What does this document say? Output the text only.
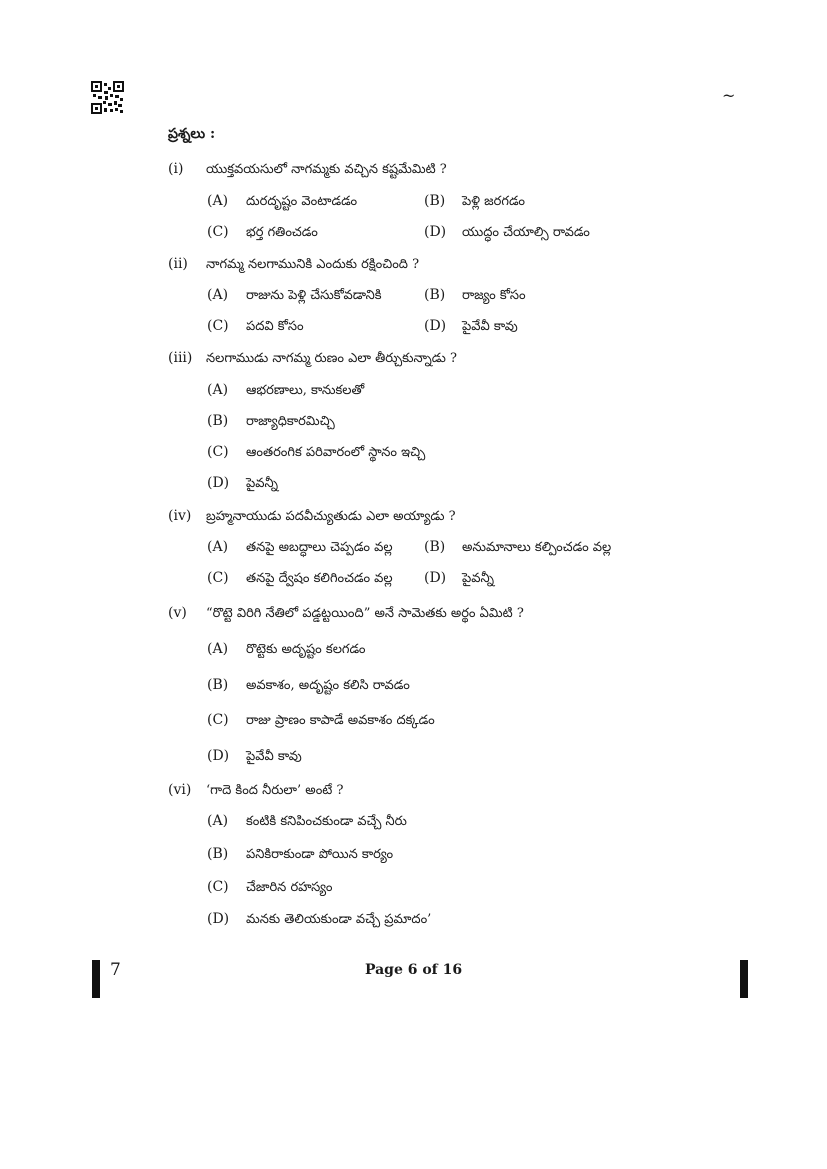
~
ప్రశ్నలు :
(i) యుక్తవయసులో నాగమ్మకు వచ్చిన కష్టమేమిటి ?
(A) దురదృష్టం వెంటాడడం	(B) పెళ్లి జరగడం
(C) భర్త గతించడం	(D) యుద్ధం చేయాల్సి రావడం
(ii) నాగమ్మ నలగామునికి ఎందుకు రక్షించింది ?
(A) రాజును పెళ్లి చేసుకోవడానికి	(B) రాజ్యం కోసం
(C) పదవి కోసం	(D) పైవేవీ కావు
(iii) నలగాముడు నాగమ్మ రుణం ఎలా తీర్చుకున్నాడు ?
(A) ఆభరణాలు, కానుకలతో
(B) రాజ్యాధికారమిచ్చి
(C) ఆంతరంగిక పరివారంలో స్థానం ఇచ్చి
(D) పైవన్నీ
(iv) బ్రహ్మనాయుడు పదవీచ్యుతుడు ఎలా అయ్యాడు ?
(A) తనపై అబద్ధాలు చెప్పడం వల్ల (B) అనుమానాలు కల్పించడం వల్ల
(C) తనపై ద్వేషం కలిగించడం వల్ల (D) పైవన్నీ
(v) “రొట్టె విరిగి నేతిలో పడ్డట్టయింది” అనే సామెతకు అర్థం ఏమిటి ?
(A) రొట్టెకు అదృష్టం కలగడం
(B) అవకాశం, అదృష్టం కలిసి రావడం
(C) రాజు ప్రాణం కాపాడే అవకాశం దక్కడం
(D) పైవేవీ కావు
(vi) ‘గాదె కింద నీరులా’ అంటే ?
(A) కంటికి కనిపించకుండా వచ్చే నీరు
(B) పనికిరాకుండా పోయిన కార్యం
(C) చేజారిన రహస్యం
(D) మనకు తెలియకుండా వచ్చే ప్రమాదం’
7	Page 6 of 16
